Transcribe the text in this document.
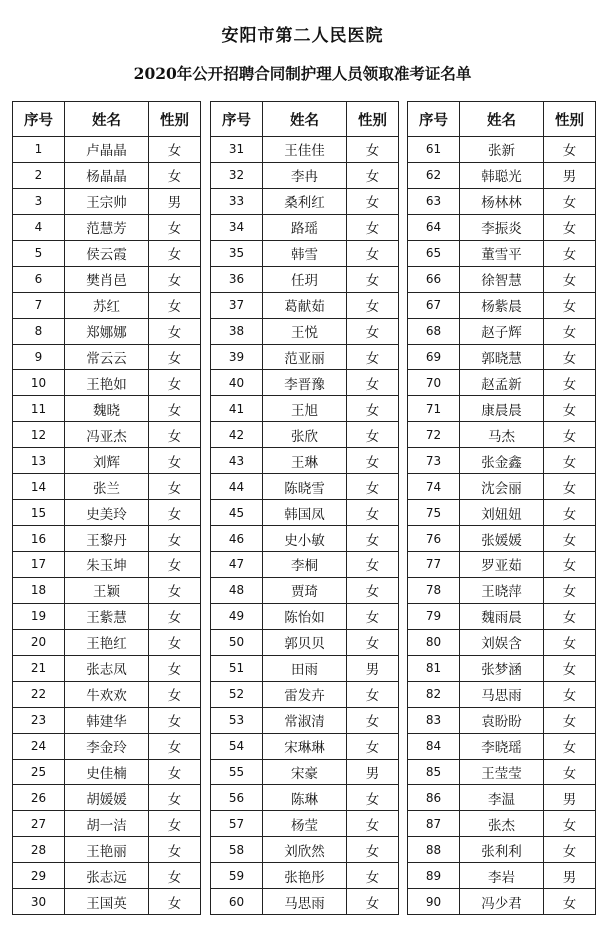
安阳市第二人民医院
2020年公开招聘合同制护理人员领取准考证名单
序号	姓名	性别
1	卢晶晶	女
2	杨晶晶	女
3	王宗帅	男
4	范慧芳	女
5	侯云霞	女
6	樊肖邑	女
7	苏红	女
8	郑娜娜	女
9	常云云	女
10	王艳如	女
11	魏晓	女
12	冯亚杰	女
13	刘辉	女
14	张兰	女
15	史美玲	女
16	王黎丹	女
17	朱玉坤	女
18	王颖	女
19	王紫慧	女
20	王艳红	女
21	张志凤	女
22	牛欢欢	女
23	韩建华	女
24	李金玲	女
25	史佳楠	女
26	胡媛媛	女
27	胡一洁	女
28	王艳丽	女
29	张志远	女
30	王国英	女
序号	姓名	性别
31	王佳佳	女
32	李冉	女
33	桑利红	女
34	路瑶	女
35	韩雪	女
36	任玥	女
37	葛献茹	女
38	王悦	女
39	范亚丽	女
40	李晋豫	女
41	王旭	女
42	张欣	女
43	王琳	女
44	陈晓雪	女
45	韩国凤	女
46	史小敏	女
47	李桐	女
48	贾琦	女
49	陈怡如	女
50	郭贝贝	女
51	田雨	男
52	雷发卉	女
53	常淑清	女
54	宋琳琳	女
55	宋豪	男
56	陈琳	女
57	杨莹	女
58	刘欣然	女
59	张艳彤	女
60	马思雨	女
序号	姓名	性别
61	张新	女
62	韩聪光	男
63	杨林林	女
64	李振炎	女
65	董雪平	女
66	徐智慧	女
67	杨紫晨	女
68	赵子辉	女
69	郭晓慧	女
70	赵孟新	女
71	康晨晨	女
72	马杰	女
73	张金鑫	女
74	沈会丽	女
75	刘妞妞	女
76	张媛媛	女
77	罗亚茹	女
78	王晓萍	女
79	魏雨晨	女
80	刘娱含	女
81	张梦涵	女
82	马思雨	女
83	袁盼盼	女
84	李晓瑶	女
85	王莹莹	女
86	李温	男
87	张杰	女
88	张利利	女
89	李岩	男
90	冯少君	女
